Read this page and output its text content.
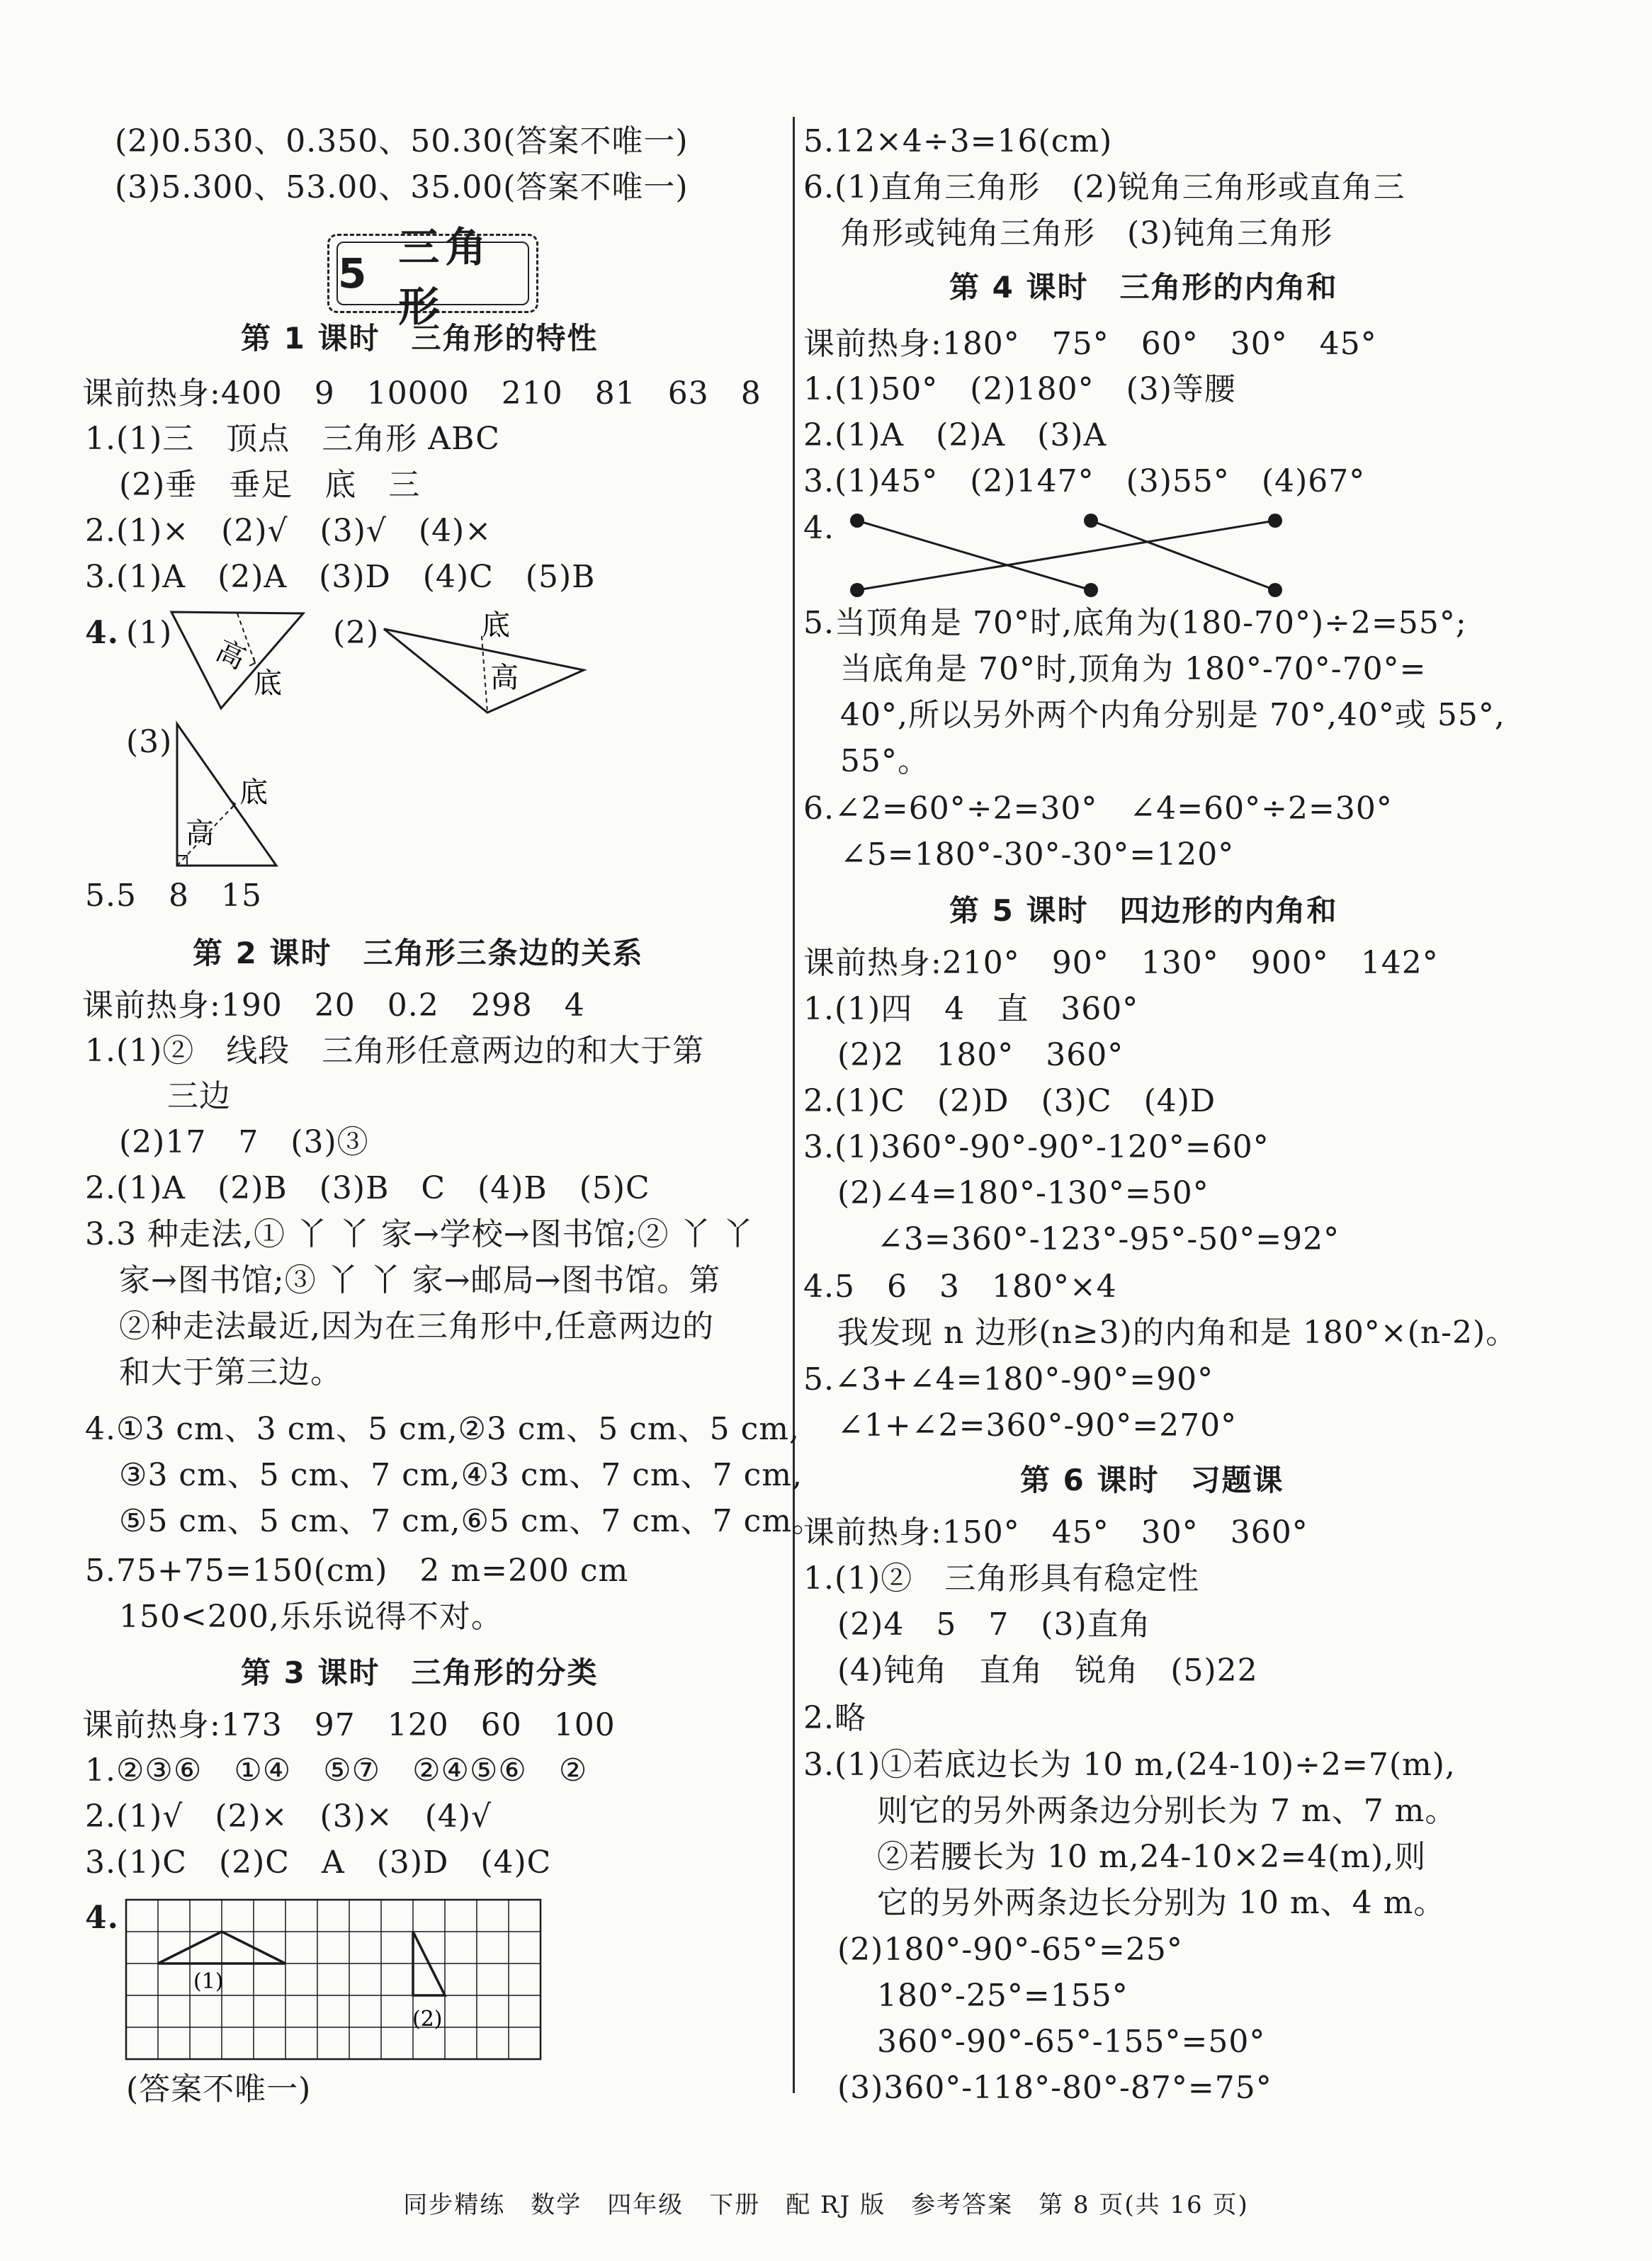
(2)0.530、0.350、50.30(答案不唯一)
(3)5.300、53.00、35.00(答案不唯一)
5
三角形
第 1 课时　三角形的特性
课前热身:400　9　10000　210　81　63　8
1.(1)三　顶点　三角形 ABC
(2)垂　垂足　底　三
2.(1)×　(2)√　(3)√　(4)×
3.(1)A　(2)A　(3)D　(4)C　(5)B
4. (1)
高
底
(2)	底
高
(3)
底
高
5.5　8　15
第 2 课时　三角形三条边的关系
课前热身:190　20　0.2　298　4
1.(1)②　线段　三角形任意两边的和大于第
三边
(2)17　7　(3)③
2.(1)A　(2)B　(3)B　C　(4)B　(5)C
3.3 种走法,① 丫 丫 家→学校→图书馆;② 丫 丫
家→图书馆;③ 丫 丫 家→邮局→图书馆。第
②种走法最近,因为在三角形中,任意两边的
和大于第三边。
4.①3 cm、3 cm、5 cm,②3 cm、5 cm、5 cm,
③3 cm、5 cm、7 cm,④3 cm、7 cm、7 cm,
⑤5 cm、5 cm、7 cm,⑥5 cm、7 cm、7 cm。
5.75+75=150(cm)　2 m=200 cm
150<200,乐乐说得不对。
第 3 课时　三角形的分类
课前热身:173　97　120　60　100
1.②③⑥　①④　⑤⑦　②④⑤⑥　②
2.(1)√　(2)×　(3)×　(4)√
3.(1)C　(2)C　A　(3)D　(4)C
4.
(1)
(2)
(答案不唯一)
5.12×4÷3=16(cm)
6.(1)直角三角形　(2)锐角三角形或直角三
角形或钝角三角形　(3)钝角三角形
第 4 课时　三角形的内角和
课前热身:180°　75°　60°　30°　45°
1.(1)50°　(2)180°　(3)等腰
2.(1)A　(2)A　(3)A
3.(1)45°　(2)147°　(3)55°　(4)67°
4.
5.当顶角是 70°时,底角为(180-70°)÷2=55°;
当底角是 70°时,顶角为 180°-70°-70°=
40°,所以另外两个内角分别是 70°,40°或 55°,
55°。
6.∠2=60°÷2=30°　∠4=60°÷2=30°
∠5=180°-30°-30°=120°
第 5 课时　四边形的内角和
课前热身:210°　90°　130°　900°　142°
1.(1)四　4　直　360°
(2)2　180°　360°
2.(1)C　(2)D　(3)C　(4)D
3.(1)360°-90°-90°-120°=60°
(2)∠4=180°-130°=50°
∠3=360°-123°-95°-50°=92°
4.5　6　3　180°×4
我发现 n 边形(n≥3)的内角和是 180°×(n-2)。
5.∠3+∠4=180°-90°=90°
∠1+∠2=360°-90°=270°
第 6 课时　习题课
课前热身:150°　45°　30°　360°
1.(1)②　三角形具有稳定性
(2)4　5　7　(3)直角
(4)钝角　直角　锐角　(5)22
2.略
3.(1)①若底边长为 10 m,(24-10)÷2=7(m),
则它的另外两条边分别长为 7 m、7 m。
②若腰长为 10 m,24-10×2=4(m),则
它的另外两条边长分别为 10 m、4 m。
(2)180°-90°-65°=25°
180°-25°=155°
360°-90°-65°-155°=50°
(3)360°-118°-80°-87°=75°
同步精练　数学　四年级　下册　配 RJ 版　参考答案　第 8 页(共 16 页)
